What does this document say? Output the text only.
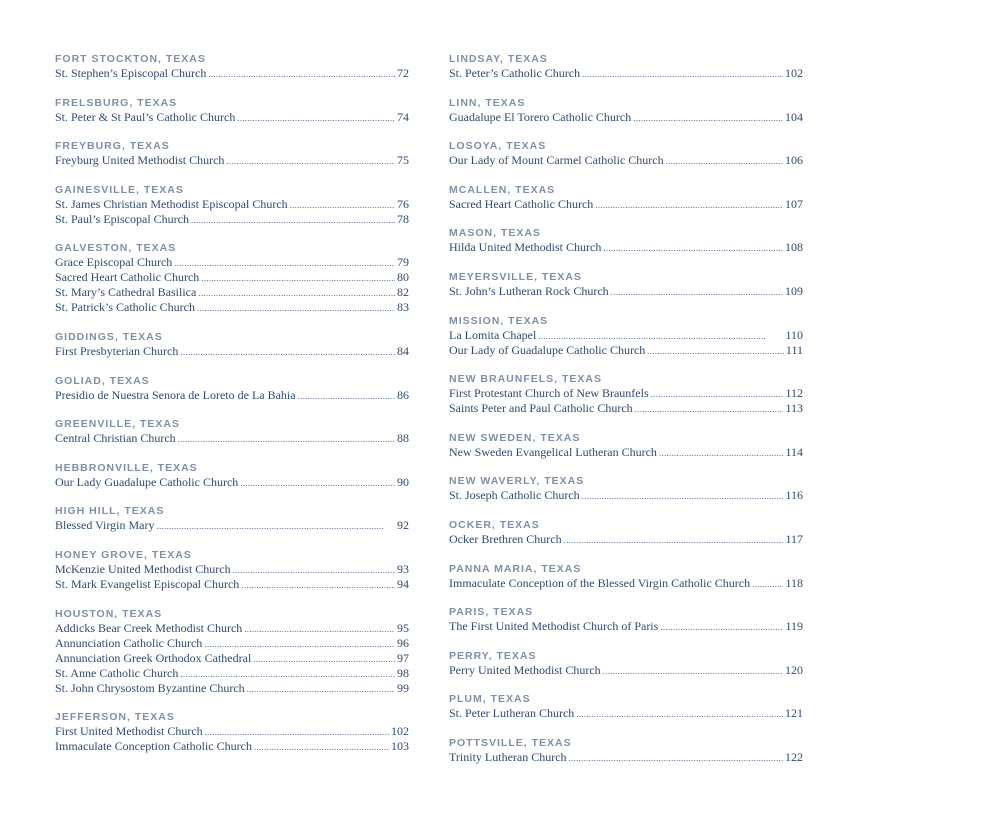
FORT STOCKTON, TEXAS
St. Stephen’s Episcopal Church . . .	72
FRELSBURG, TEXAS
St. Peter & St Paul’s Catholic Church . . .	74
FREYBURG, TEXAS
Freyburg United Methodist Church . . .	75
GAINESVILLE, TEXAS
St. James Christian Methodist Episcopal Church . . .	76
St. Paul’s Episcopal Church . . .	78
GALVESTON, TEXAS
Grace Episcopal Church . . .	79
Sacred Heart Catholic Church . . .	80
St. Mary’s Cathedral Basilica . . .	82
St. Patrick’s Catholic Church . . .	83
GIDDINGS, TEXAS
First Presbyterian Church . . .	84
GOLIAD, TEXAS
Presidio de Nuestra Senora de Loreto de La Bahia . . .	86
GREENVILLE, TEXAS
Central Christian Church . . .	88
HEBBRONVILLE, TEXAS
Our Lady Guadalupe Catholic Church . . .	90
HIGH HILL, TEXAS
Blessed Virgin Mary . . .	92
HONEY GROVE, TEXAS
McKenzie United Methodist Church . . .	93
St. Mark Evangelist Episcopal Church . . .	94
HOUSTON, TEXAS
Addicks Bear Creek Methodist Church . . .	95
Annunciation Catholic Church . . .	96
Annunciation Greek Orthodox Cathedral . . .	97
St. Anne Catholic Church . . .	98
St. John Chrysostom Byzantine Church . . .	99
JEFFERSON, TEXAS
First United Methodist Church . . .	102
Immaculate Conception Catholic Church . . .	103
LINDSAY, TEXAS
St. Peter’s Catholic Church . . .	102
LINN, TEXAS
Guadalupe El Torero Catholic Church . . .	104
LOSOYA, TEXAS
Our Lady of Mount Carmel Catholic Church . . .	106
MCALLEN, TEXAS
Sacred Heart Catholic Church . . .	107
MASON, TEXAS
Hilda United Methodist Church . . .	108
MEYERSVILLE, TEXAS
St. John’s Lutheran Rock Church . . .	109
MISSION, TEXAS
La Lomita Chapel . . .	110
Our Lady of Guadalupe Catholic Church . . .	111
NEW BRAUNFELS, TEXAS
First Protestant Church of New Braunfels . . .	112
Saints Peter and Paul Catholic Church . . .	113
NEW SWEDEN, TEXAS
New Sweden Evangelical Lutheran Church . . .	114
NEW WAVERLY, TEXAS
St. Joseph Catholic Church . . .	116
OCKER, TEXAS
Ocker Brethren Church . . .	117
PANNA MARIA, TEXAS
Immaculate Conception of the Blessed Virgin Catholic Church . . .	118
PARIS, TEXAS
The First United Methodist Church of Paris . . .	119
PERRY, TEXAS
Perry United Methodist Church . . .	120
PLUM, TEXAS
St. Peter Lutheran Church . . .	121
POTTSVILLE, TEXAS
Trinity Lutheran Church . . .	122
